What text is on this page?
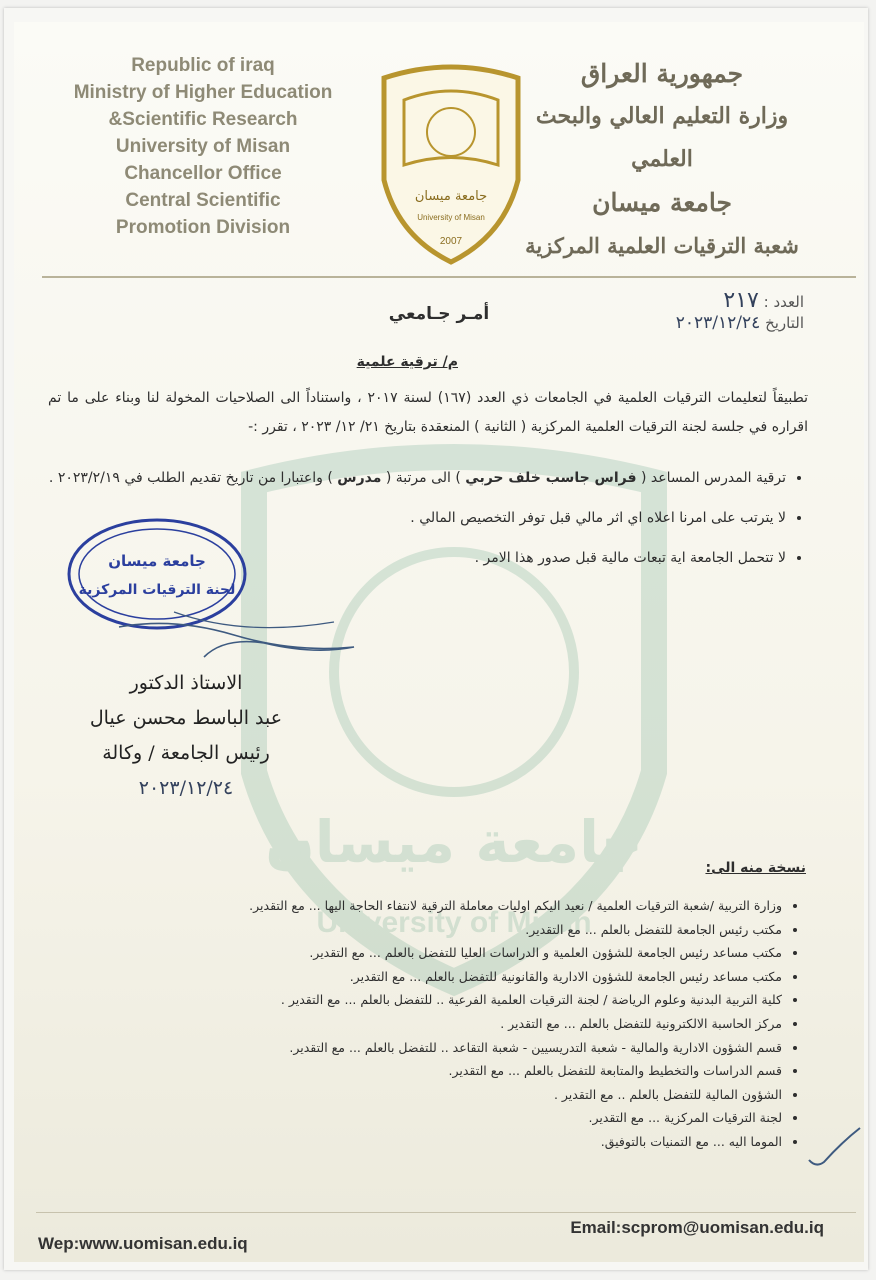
جامعة ميسان
University of Misan
Republic of iraq
Ministry of Higher Education
&Scientific Research
University of Misan
Chancellor Office
Central Scientific
Promotion Division
جامعة ميسان
University of Misan
2007
جمهورية العراق
وزارة التعليم العالي والبحث العلمي
جامعة ميسان
شعبة الترقيات العلمية المركزية
العدد : ٢١٧
التاريخ ٢٠٢٣/١٢/٢٤
أمـر جـامعي
م/ ترقية علمية
تطبيقاً لتعليمات الترقيات العلمية في الجامعات ذي العدد (١٦٧) لسنة ٢٠١٧ ، واستناداً الى الصلاحيات المخولة لنا وبناء على ما تم اقراره في جلسة لجنة الترقيات العلمية المركزية ( الثانية ) المنعقدة بتاريخ ٢١/ ١٢/ ٢٠٢٣ ، تقرر :-
• ترقية المدرس المساعد ( فراس جاسب خلف حربي ) الى مرتبة ( مدرس ) واعتبارا من تاريخ تقديم الطلب في ٢٠٢٣/٢/١٩ .
• لا يترتب على امرنا اعلاه اي اثر مالي قبل توفر التخصيص المالي .
• لا تتحمل الجامعة اية تبعات مالية قبل صدور هذا الامر .
جامعة ميسان
لجنة الترقيات المركزية
الاستاذ الدكتور
عبد الباسط محسن عيال
رئيس الجامعة / وكالة
٢٠٢٣/١٢/٢٤
نسخة منه الى:
• وزارة التربية /شعبة الترقيات العلمية / نعيد اليكم اوليات معاملة الترقية لانتفاء الحاجة اليها ... مع التقدير.
• مكتب رئيس الجامعة للتفضل بالعلم ... مع التقدير.
• مكتب مساعد رئيس الجامعة للشؤون العلمية و الدراسات العليا للتفضل بالعلم ... مع التقدير.
• مكتب مساعد رئيس الجامعة للشؤون الادارية والقانونية للتفضل بالعلم ... مع التقدير.
• كلية التربية البدنية وعلوم الرياضة / لجنة الترقيات العلمية الفرعية .. للتفضل بالعلم ... مع التقدير .
• مركز الحاسبة الالكترونية للتفضل بالعلم ... مع التقدير .
• قسم الشؤون الادارية والمالية - شعبة التدريسيين - شعبة التقاعد .. للتفضل بالعلم ... مع التقدير.
• قسم الدراسات والتخطيط والمتابعة للتفضل بالعلم ... مع التقدير.
• الشؤون المالية للتفضل بالعلم .. مع التقدير .
• لجنة الترقيات المركزية ... مع التقدير.
• الموما اليه ... مع التمنيات بالتوفيق.
Wep:www.uomisan.edu.iq
Email:scprom@uomisan.edu.iq
